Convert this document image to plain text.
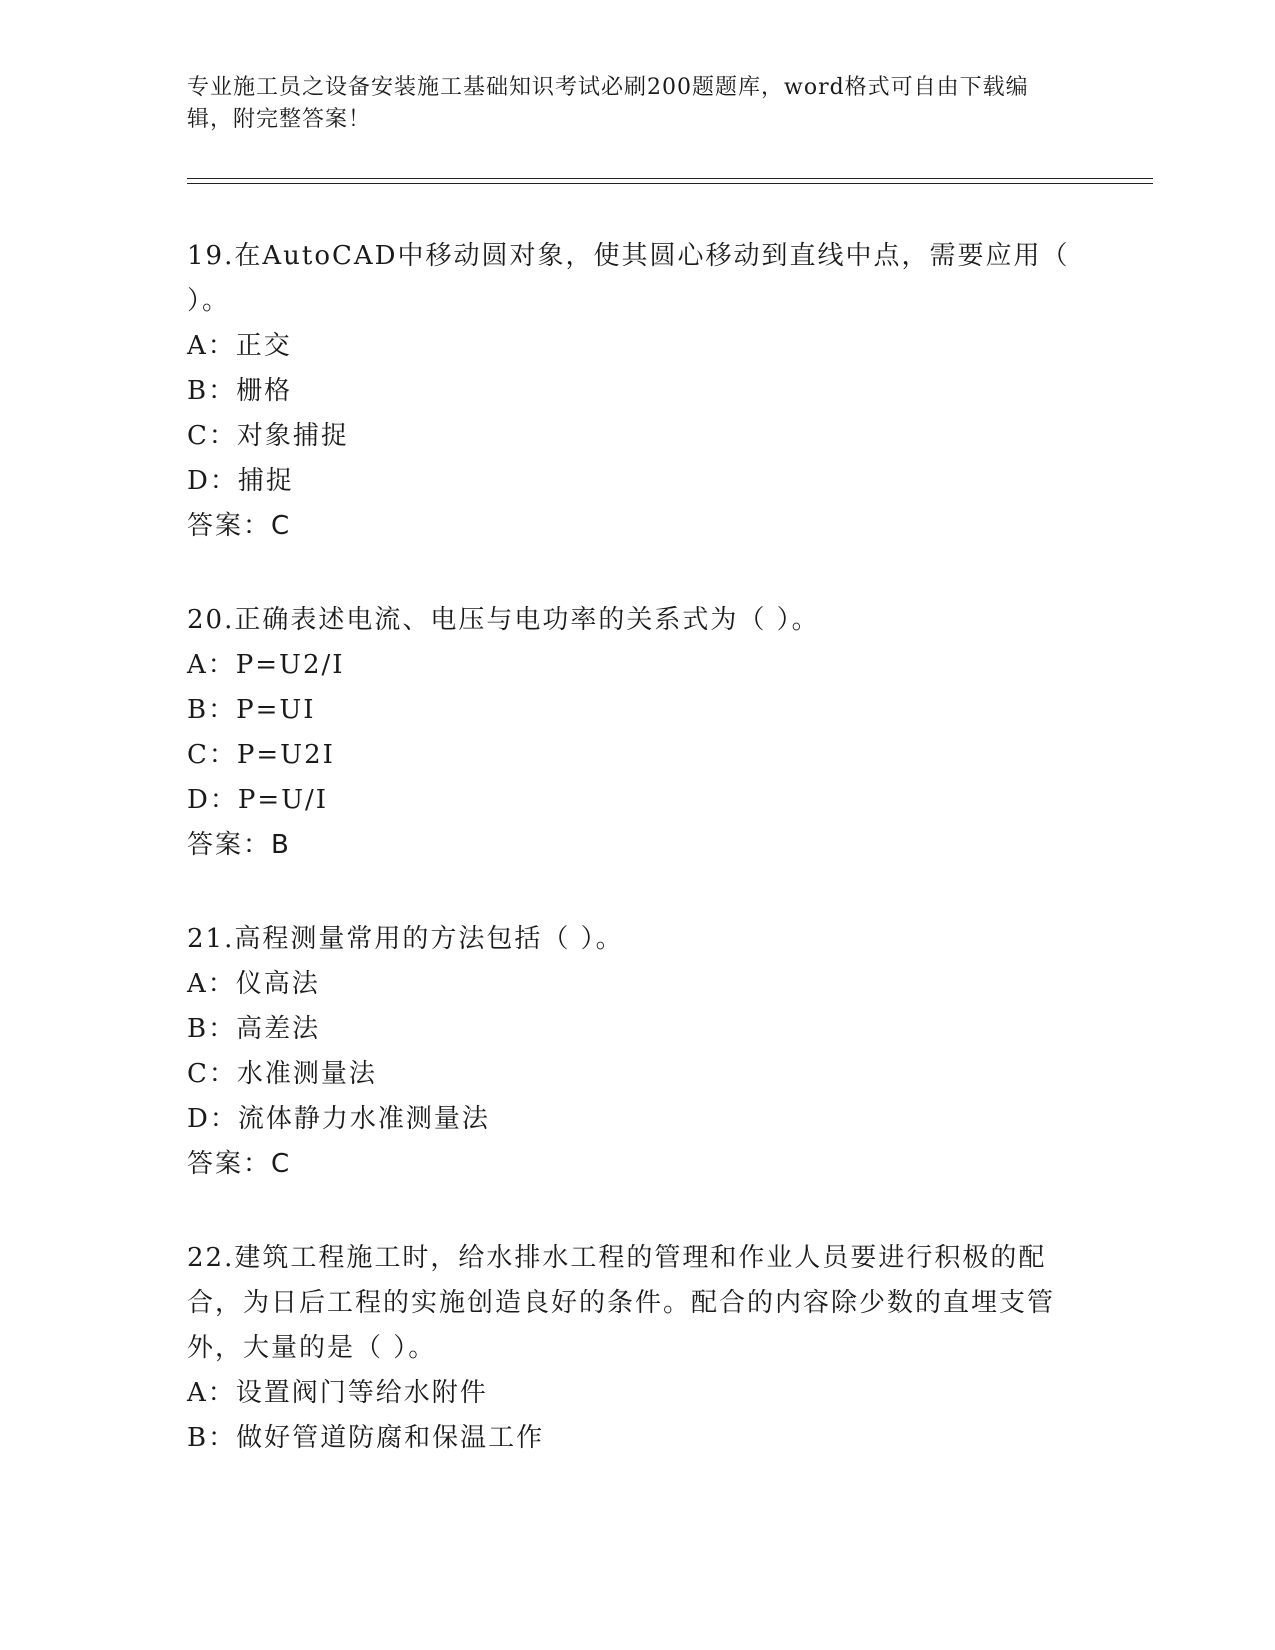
专业施工员之设备安装施工基础知识考试必刷200题题库，word格式可自由下载编辑，附完整答案！

19.在AutoCAD中移动圆对象，使其圆心移动到直线中点，需要应用（ ）。

A： 正交

B： 栅格

C： 对象捕捉

D： 捕捉

答案：C

20.正确表述电流、电压与电功率的关系式为（ ）。

A： P=U2/I

B： P=UI

C： P=U2I

D： P=U/I

答案：B

21.高程测量常用的方法包括（ ）。

A： 仪高法

B： 高差法

C： 水准测量法

D： 流体静力水准测量法

答案：C

22.建筑工程施工时，给水排水工程的管理和作业人员要进行积极的配合，为日后工程的实施创造良好的条件。配合的内容除少数的直埋支管外，大量的是（ ）。

A： 设置阀门等给水附件

B： 做好管道防腐和保温工作
